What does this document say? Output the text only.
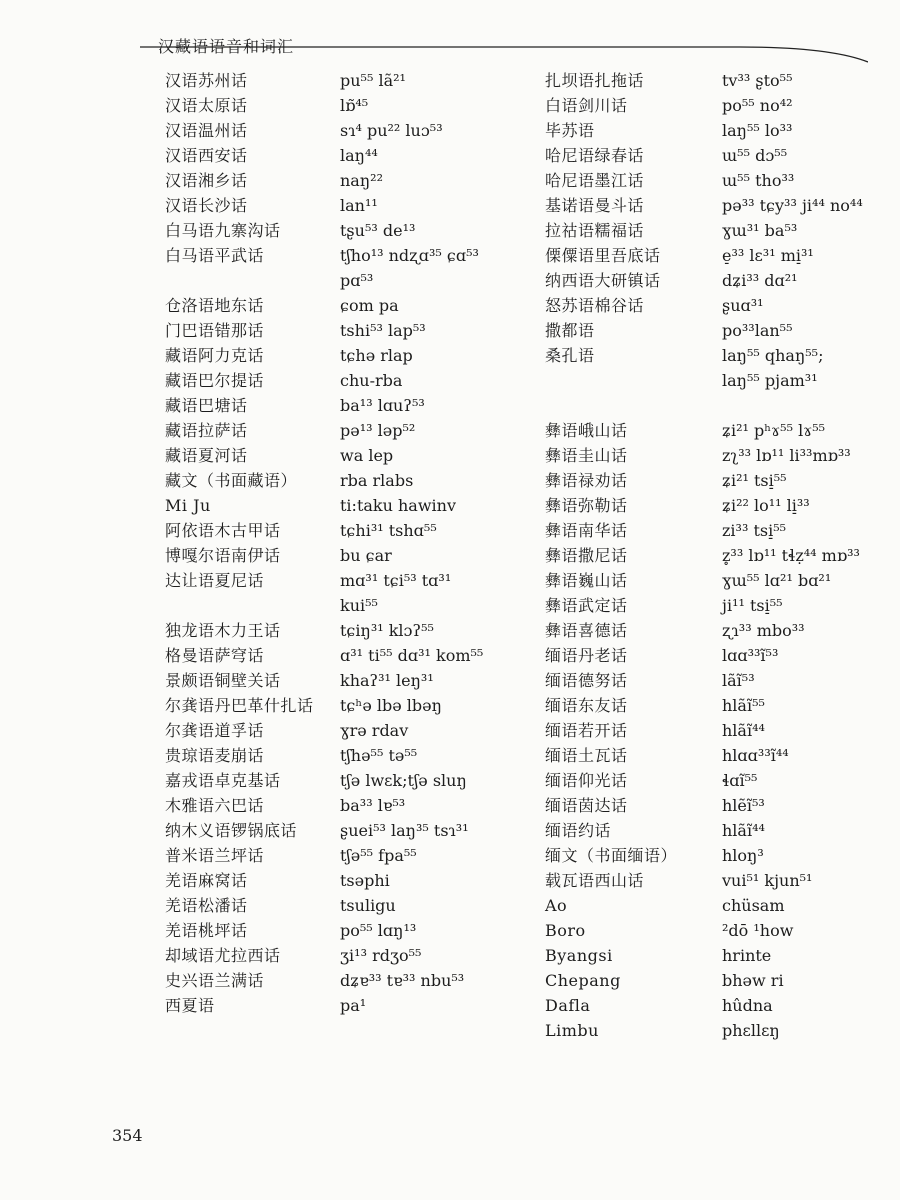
汉藏语语音和词汇
汉语苏州话
汉语太原话
汉语温州话
汉语西安话
汉语湘乡话
汉语长沙话
白马语九寨沟话
白马语平武话
仓洛语地东话
门巴语错那话
藏语阿力克话
藏语巴尔提话
藏语巴塘话
藏语拉萨话
藏语夏河话
藏文（书面藏语）
Mi Ju
阿依语木古甲话
博嘎尔语南伊话
达让语夏尼话
独龙语木力王话
格曼语萨穹话
景颇语铜壁关话
尔龚语丹巴革什扎话
尔龚语道孚话
贵琼语麦崩话
嘉戎语卓克基话
木雅语六巴话
纳木义语锣锅底话
普米语兰坪话
羌语麻窝话
羌语松潘话
羌语桃坪话
却域语尤拉西话
史兴语兰满话
西夏语
pu⁵⁵ lã²¹
lɒ̃⁴⁵
sɿ⁴ pu²² luɔ⁵³
laŋ⁴⁴
naŋ²²
lan¹¹
tʂu⁵³ de¹³
tʃho¹³ ndʐɑ³⁵ ɕɑ⁵³
pɑ⁵³
ɕom pa
tshi⁵³ lap⁵³
tɕhə rlap
chu-rba
ba¹³ lɑuʔ⁵³
pə¹³ ləp⁵²
wa lep
rba rlabs
ti:taku hawinv
tɕhi³¹ tshɑ⁵⁵
bu ɕar
mɑ³¹ tɕi⁵³ tɑ³¹
kui⁵⁵
tɕiŋ³¹ klɔʔ⁵⁵
ɑ³¹ ti⁵⁵ dɑ³¹ kom⁵⁵
khaʔ³¹ leŋ³¹
tɕʰə lbə lbəŋ
ɣrə rdav
tʃhə⁵⁵ tə⁵⁵
tʃə lwɛk;tʃə sluŋ
ba³³ lɐ⁵³
ʂuei⁵³ laŋ³⁵ tsɿ³¹
tʃə⁵⁵ fpa⁵⁵
tsəphi
tsuligu
po⁵⁵ lɑŋ¹³
ʒi¹³ rdʒo⁵⁵
dʑɐ³³ tɐ³³ nbu⁵³
pa¹
扎坝语扎拖话
白语剑川话
毕苏语
哈尼语绿春话
哈尼语墨江话
基诺语曼斗话
拉祜语糯福话
傈僳语里吾底话
纳西语大研镇话
怒苏语棉谷话
撒都语
桑孔语
彝语峨山话
彝语圭山话
彝语禄劝话
彝语弥勒话
彝语南华话
彝语撒尼话
彝语巍山话
彝语武定话
彝语喜德话
缅语丹老话
缅语德努话
缅语东友话
缅语若开话
缅语土瓦话
缅语仰光话
缅语茵达话
缅语约话
缅文（书面缅语）
载瓦语西山话
Ao
Boro
Byangsi
Chepang
Dafla
Limbu
tv³³ ʂto⁵⁵
po⁵⁵ no⁴²
laŋ⁵⁵ lo³³
ɯ⁵⁵ dɔ⁵⁵
ɯ⁵⁵ tho³³
pə³³ tɕy³³ ji⁴⁴ no⁴⁴
ɣɯ³¹ ba⁵³
e̠³³ lɛ³¹ mi̠³¹
dʑi³³ dɑ²¹
ʂuɑ³¹
po³³lan⁵⁵
laŋ⁵⁵ qhaŋ⁵⁵;
laŋ⁵⁵ pjam³¹
ʑi²¹ pʰɤ⁵⁵ lɤ⁵⁵
zʅ³³ lɒ¹¹ li³³mɒ³³
ʑi²¹ tsi̠⁵⁵
ʑi²² lo¹¹ li̠³³
zi³³ tsi̠⁵⁵
z̥³³ lɒ¹¹ tɬẓ⁴⁴ mɒ³³
ɣɯ⁵⁵ lɑ²¹ bɑ²¹
ji¹¹ tsi̠⁵⁵
ʐɿ³³ mbo³³
lɑɑ³³ĩ⁵³
lãĩ⁵³
hlãĩ⁵⁵
hlãĩ⁴⁴
hlɑɑ³³ĩ⁴⁴
ɬɑĩ⁵⁵
hlẽĩ⁵³
hlãĩ⁴⁴
hloŋ³
vui⁵¹ kjun⁵¹
chüsam
²dō ¹how
hrinte
bhəw ri
hûdna
phɛllɛŋ
354
